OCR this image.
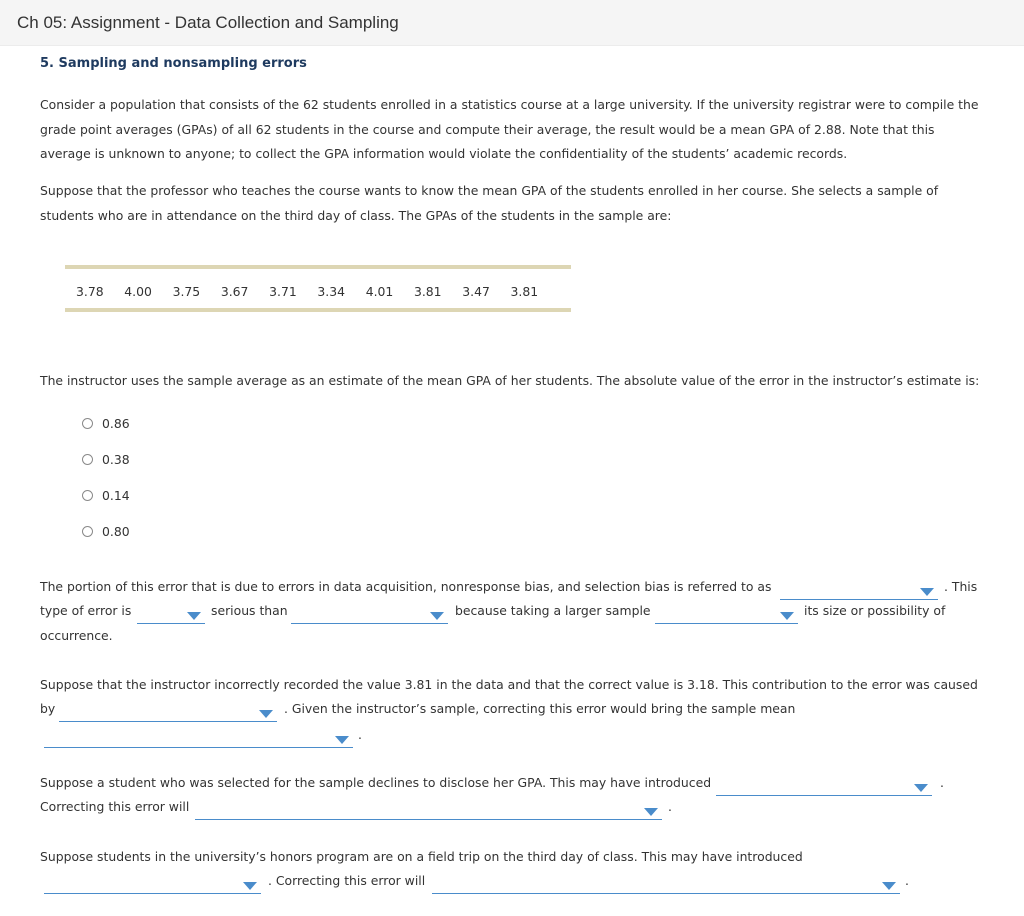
Ch 05: Assignment - Data Collection and Sampling
5. Sampling and nonsampling errors
Consider a population that consists of the 62 students enrolled in a statistics course at a large university. If the university registrar were to compile the
grade point averages (GPAs) of all 62 students in the course and compute their average, the result would be a mean GPA of 2.88. Note that this
average is unknown to anyone; to collect the GPA information would violate the confidentiality of the students’ academic records.
Suppose that the professor who teaches the course wants to know the mean GPA of the students enrolled in her course. She selects a sample of
students who are in attendance on the third day of class. The GPAs of the students in the sample are:
3.78 4.00 3.75 3.67 3.71 3.34 4.01 3.81 3.47 3.81
The instructor uses the sample average as an estimate of the mean GPA of her students. The absolute value of the error in the instructor’s estimate is:
0.86
0.38
0.14
0.80
The portion of this error that is due to errors in data acquisition, nonresponse bias, and selection bias is referred to as	. This
type of error is	serious than	because taking a larger sample	its size or possibility of
occurrence.
Suppose that the instructor incorrectly recorded the value 3.81 in the data and that the correct value is 3.18. This contribution to the error was caused
by	. Given the instructor’s sample, correcting this error would bring the sample mean
.
Suppose a student who was selected for the sample declines to disclose her GPA. This may have introduced	.
Correcting this error will	.
Suppose students in the university’s honors program are on a field trip on the third day of class. This may have introduced
. Correcting this error will	.
